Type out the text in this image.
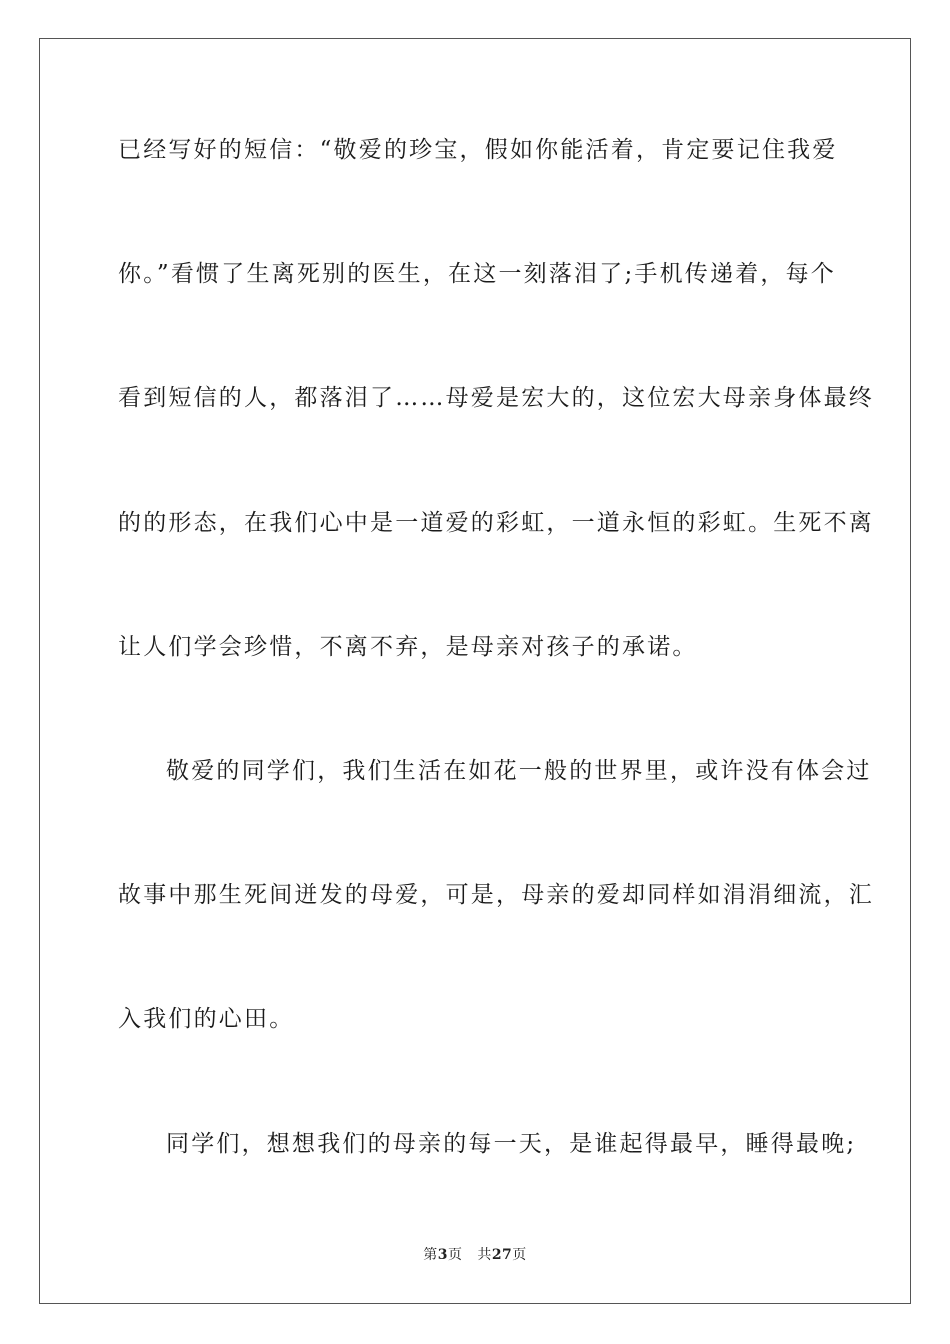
已经写好的短信：“敬爱的珍宝，假如你能活着，肯定要记住我爱
你。”看惯了生离死别的医生，在这一刻落泪了;手机传递着，每个
看到短信的人，都落泪了……母爱是宏大的，这位宏大母亲身体最终
的的形态，在我们心中是一道爱的彩虹，一道永恒的彩虹。生死不离
让人们学会珍惜，不离不弃，是母亲对孩子的承诺。
敬爱的同学们，我们生活在如花一般的世界里，或许没有体会过
故事中那生死间迸发的母爱，可是，母亲的爱却同样如涓涓细流，汇
入我们的心田。
同学们，想想我们的母亲的每一天，是谁起得最早，睡得最晚;
第3页 共27页
